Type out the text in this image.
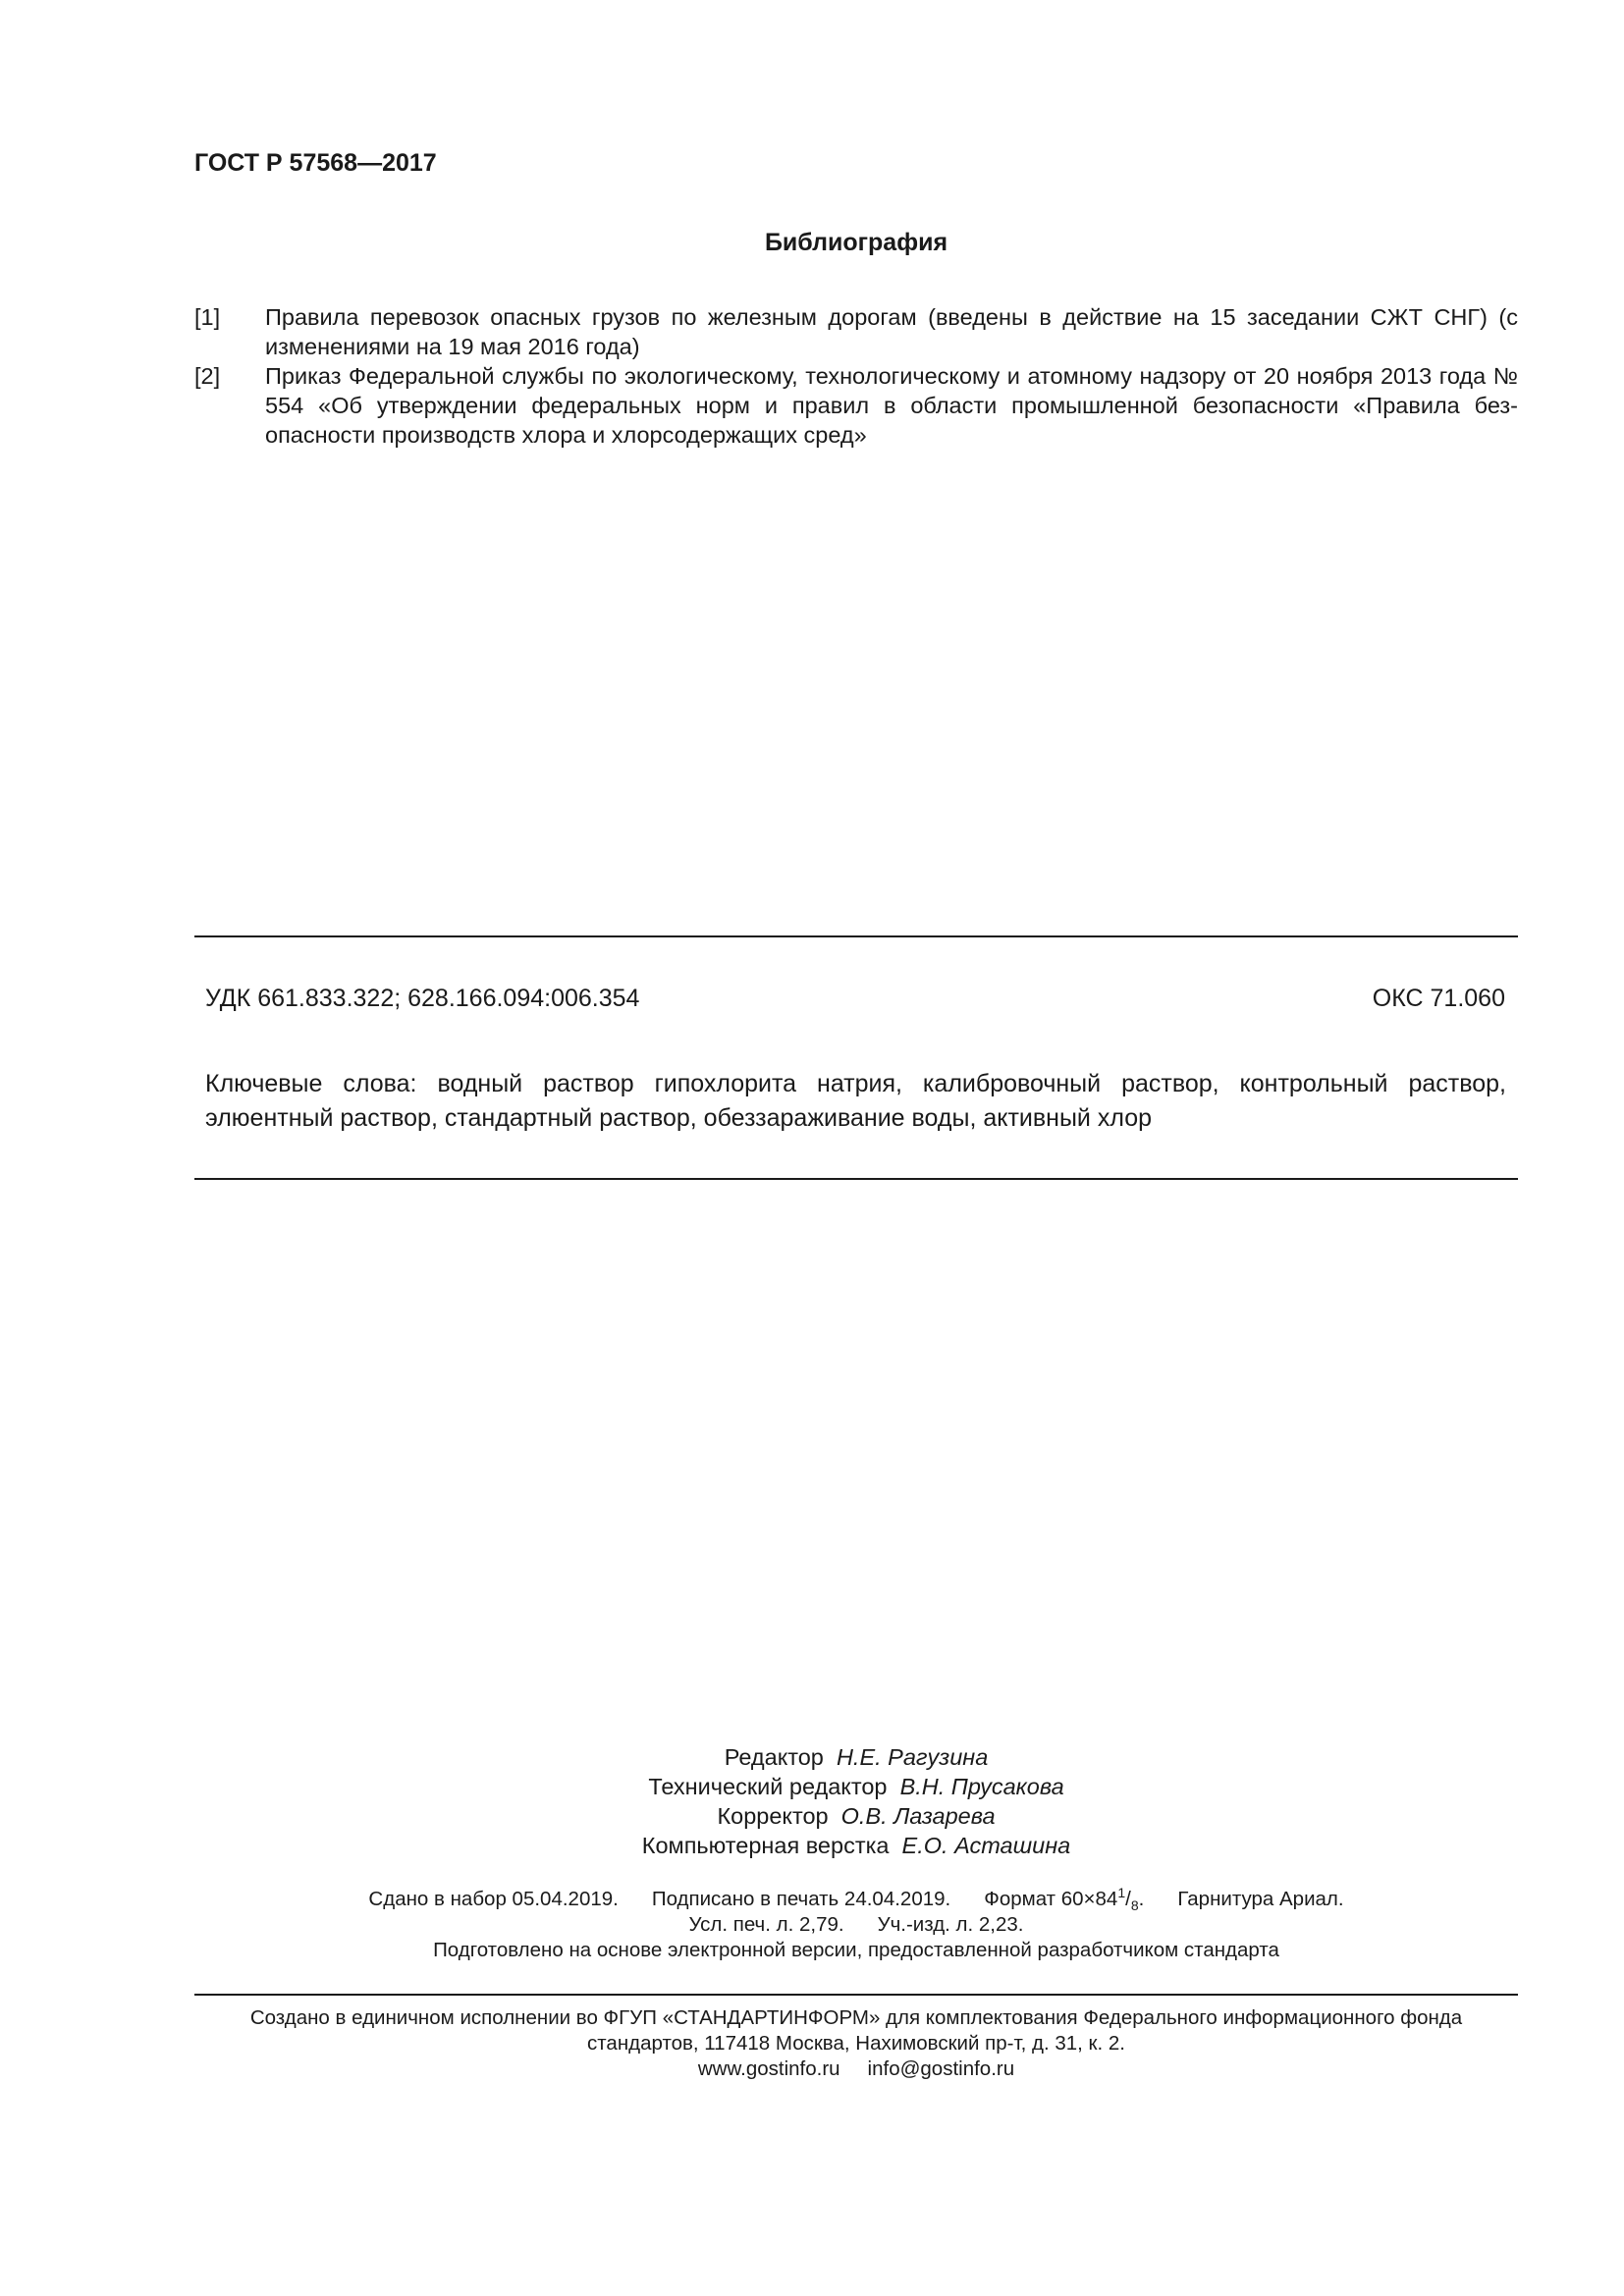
ГОСТ Р 57568—2017
Библиография
[1]	Правила перевозок опасных грузов по железным дорогам (введены в действие на 15 заседании СЖТ СНГ) (с изменениями на 19 мая 2016 года)
[2]	Приказ Федеральной службы по экологическому, технологическому и атомному надзору от 20 ноября 2013 года № 554 «Об утверждении федеральных норм и правил в области промышленной безопасности «Правила безопасности производств хлора и хлорсодержащих сред»
УДК 661.833.322; 628.166.094:006.354	ОКС 71.060
Ключевые слова: водный раствор гипохлорита натрия, калибровочный раствор, контрольный раствор, элюентный раствор, стандартный раствор, обеззараживание воды, активный хлор
Редактор Н.Е. Рагузина
Технический редактор В.Н. Прусакова
Корректор О.В. Лазарева
Компьютерная верстка Е.О. Асташина
Сдано в набор 05.04.2019. Подписано в печать 24.04.2019. Формат $60\times 84^1/_8$. Гарнитура Ариал.
Усл. печ. л. 2,79. Уч.-изд. л. 2,23.
Подготовлено на основе электронной версии, предоставленной разработчиком стандарта
Создано в единичном исполнении во ФГУП «СТАНДАРТИНФОРМ» для комплектования Федерального информационного фонда
стандартов, 117418 Москва, Нахимовский пр-т, д. 31, к. 2.
www.gostinfo.ru info@gostinfo.ru
